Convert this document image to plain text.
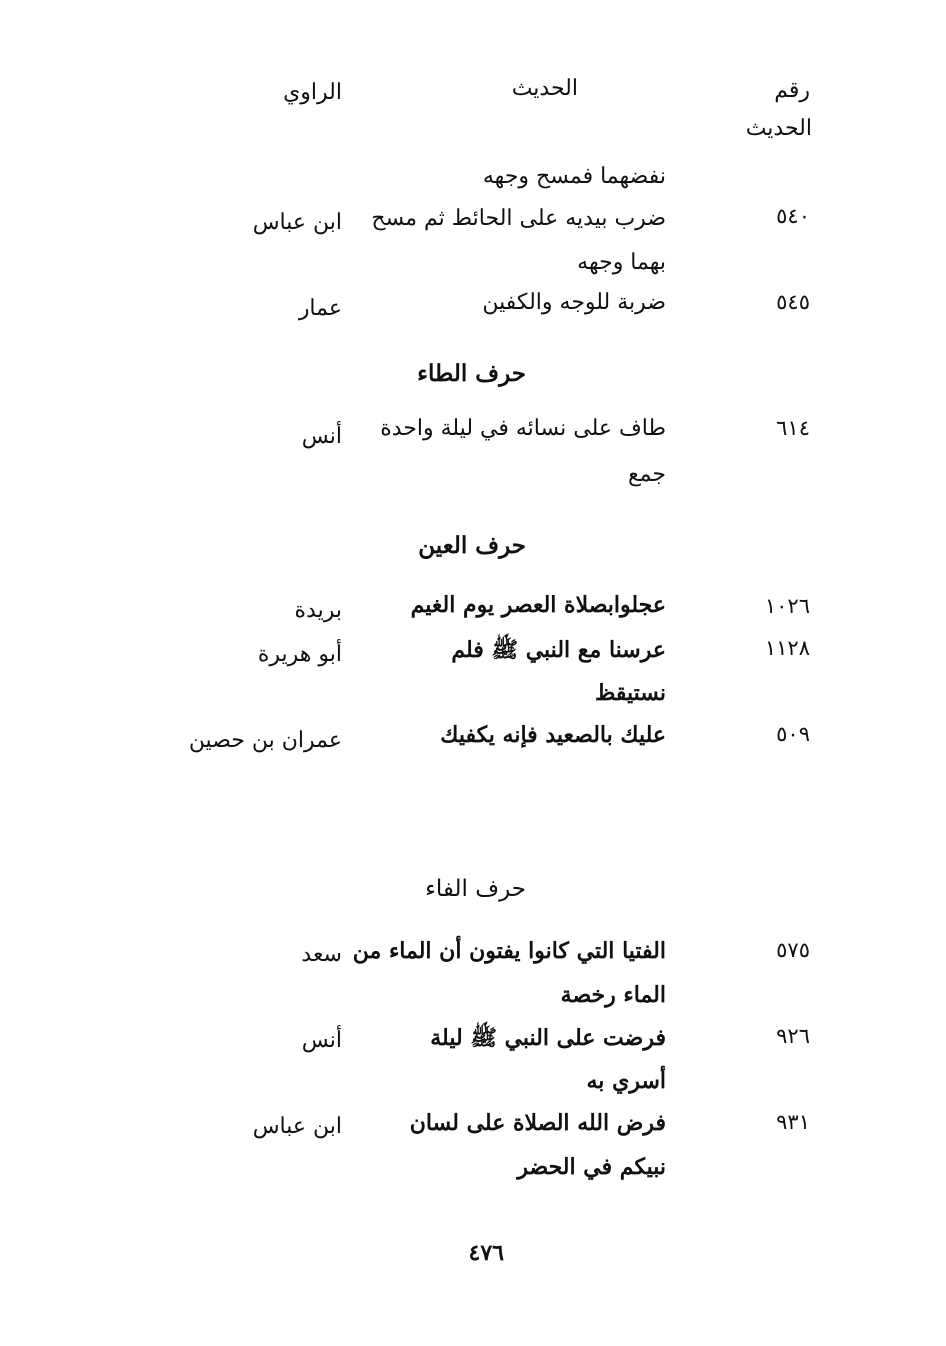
رقم
الحديث
الحديث
الراوي
نفضهما فمسح وجهه
٥٤٠
ضرب بيديه على الحائط ثم مسح
بهما وجهه
ابن عباس
٥٤٥
ضربة للوجه والكفين
عمار
حرف الطاء
٦١٤
طاف على نسائه في ليلة واحدة
جمع
أنس
حرف العين
١٠٢٦
عجلوابصلاة العصر يوم الغيم
بريدة
١١٢٨
عرسنا مع النبي ﷺ فلم
نستيقظ
أبو هريرة
٥٠٩
عليك بالصعيد فإنه يكفيك
عمران بن حصين
حرف الفاء
٥٧٥
الفتيا التي كانوا يفتون أن الماء من
الماء رخصة
سعد
٩٢٦
فرضت على النبي ﷺ ليلة
أسري به
أنس
٩٣١
فرض الله الصلاة على لسان
نبيكم في الحضر
ابن عباس
٤٧٦
